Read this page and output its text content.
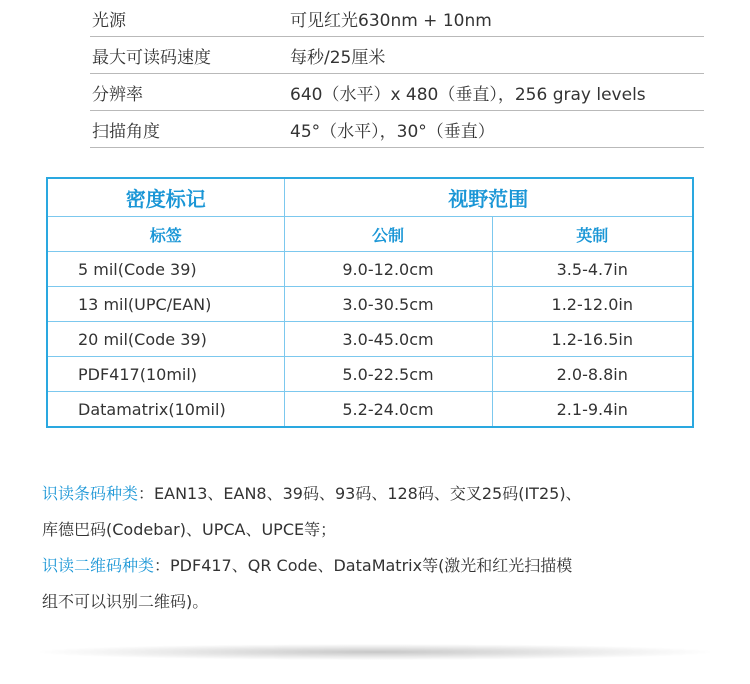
光源	可见红光630nm + 10nm
最大可读码速度	每秒/25厘米
分辨率	640（水平）x 480（垂直），256 gray levels
扫描角度	45°（水平），30°（垂直）
密度标记	视野范围	
标签	公制	英制
5 mil(Code 39)	9.0-12.0cm	3.5-4.7in
13 mil(UPC/EAN)	3.0-30.5cm	1.2-12.0in
20 mil(Code 39)	3.0-45.0cm	1.2-16.5in
PDF417(10mil)	5.0-22.5cm	2.0-8.8in
Datamatrix(10mil)	5.2-24.0cm	2.1-9.4in

识读条码种类：EAN13、EAN8、39码、93码、128码、交叉25码(IT25)、

库德巴码(Codebar)、UPCA、UPCE等；

识读二维码种类：PDF417、QR Code、DataMatrix等(激光和红光扫描模

组不可以识别二维码)。
